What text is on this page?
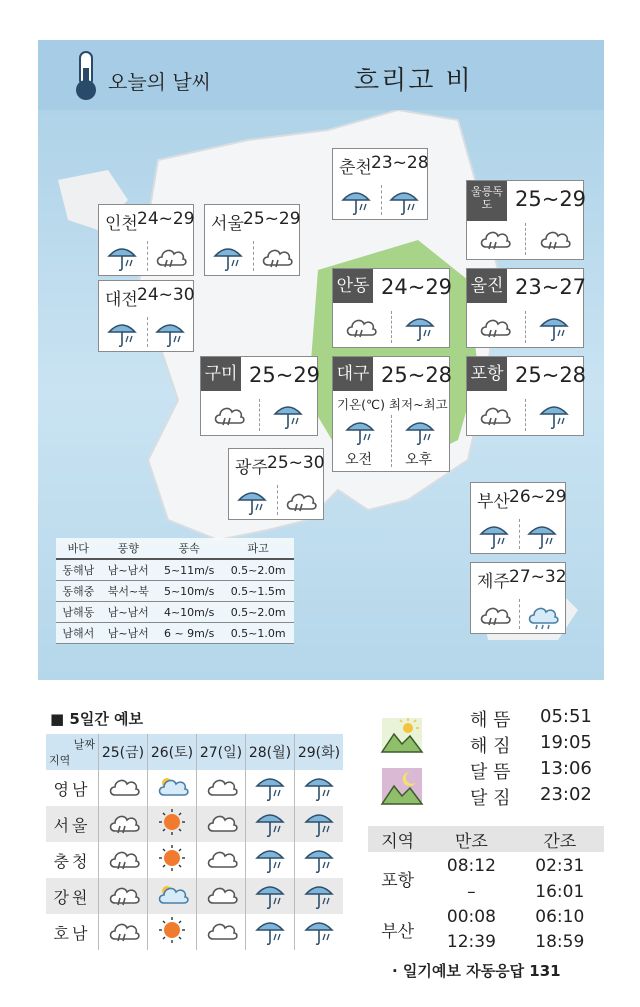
오늘의 날씨	흐리고 비
춘천 23~28
인천 24~29 서울 25~29
대전 24~30
울릉독도	25~29
안동 24~29 울진 23~27
구미 25~29 대구 25~28
기온(℃) 최저~최고
오전 오후
포항 25~28
광주 25~30
부산 26~29
제주 27~32
바다	풍향	풍속	파고
동해남	남~남서	5~11m/s	0.5~2.0m
동해중	북서~북	5~10m/s	0.5~1.5m
남해동	남~남서	4~10m/s	0.5~2.0m
남해서	남~남서	6 ~ 9m/s	0.5~1.0m
■ 5일간 예보
날짜
지역	25(금)	26(토)	27(일)	28(월)	29(화)
영남					
서울					
충청					
강원					
호남					
해 뜸 05:51
해 짐 19:05
달 뜸 13:06
달 짐 23:02
지역	만조	간조
포항	08:12	02:31
	–	16:01
부산	00:08	06:10
	12:39	18:59
· 일기예보 자동응답 131
